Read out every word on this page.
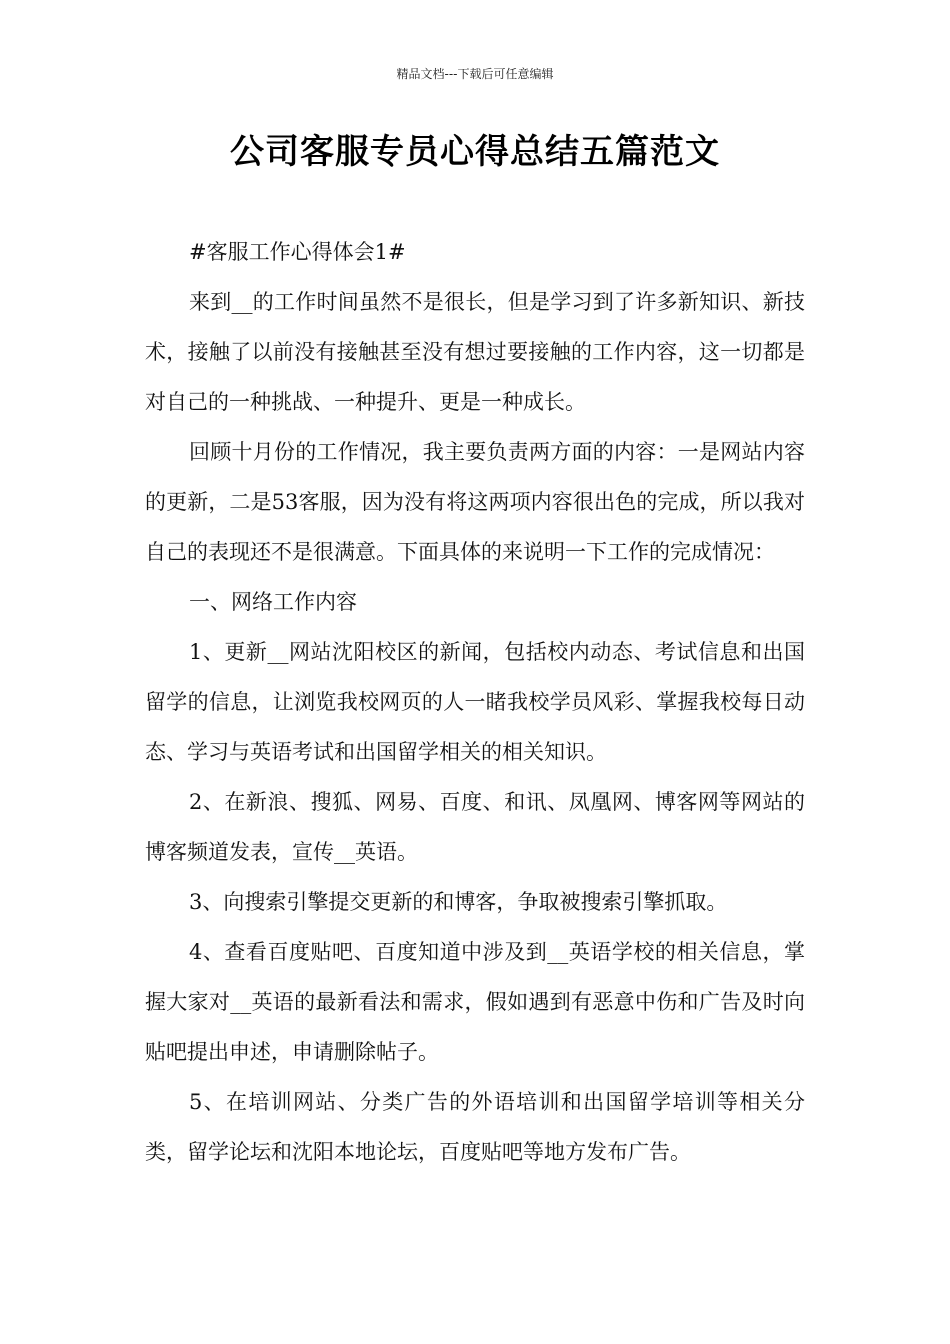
精品文档---下载后可任意编辑
公司客服专员心得总结五篇范文

#客服工作心得体会1#

来到__的工作时间虽然不是很长，但是学习到了许多新知识、新技术，接触了以前没有接触甚至没有想过要接触的工作内容，这一切都是对自己的一种挑战、一种提升、更是一种成长。

回顾十月份的工作情况，我主要负责两方面的内容：一是网站内容的更新，二是53客服，因为没有将这两项内容很出色的完成，所以我对自己的表现还不是很满意。下面具体的来说明一下工作的完成情况：

一、网络工作内容

1、更新__网站沈阳校区的新闻，包括校内动态、考试信息和出国留学的信息，让浏览我校网页的人一睹我校学员风彩、掌握我校每日动态、学习与英语考试和出国留学相关的相关知识。

2、在新浪、搜狐、网易、百度、和讯、凤凰网、博客网等网站的博客频道发表，宣传__英语。

3、向搜索引擎提交更新的和博客，争取被搜索引擎抓取。

4、查看百度贴吧、百度知道中涉及到__英语学校的相关信息，掌握大家对__英语的最新看法和需求，假如遇到有恶意中伤和广告及时向贴吧提出申述，申请删除帖子。

5、在培训网站、分类广告的外语培训和出国留学培训等相关分类，留学论坛和沈阳本地论坛，百度贴吧等地方发布广告。
